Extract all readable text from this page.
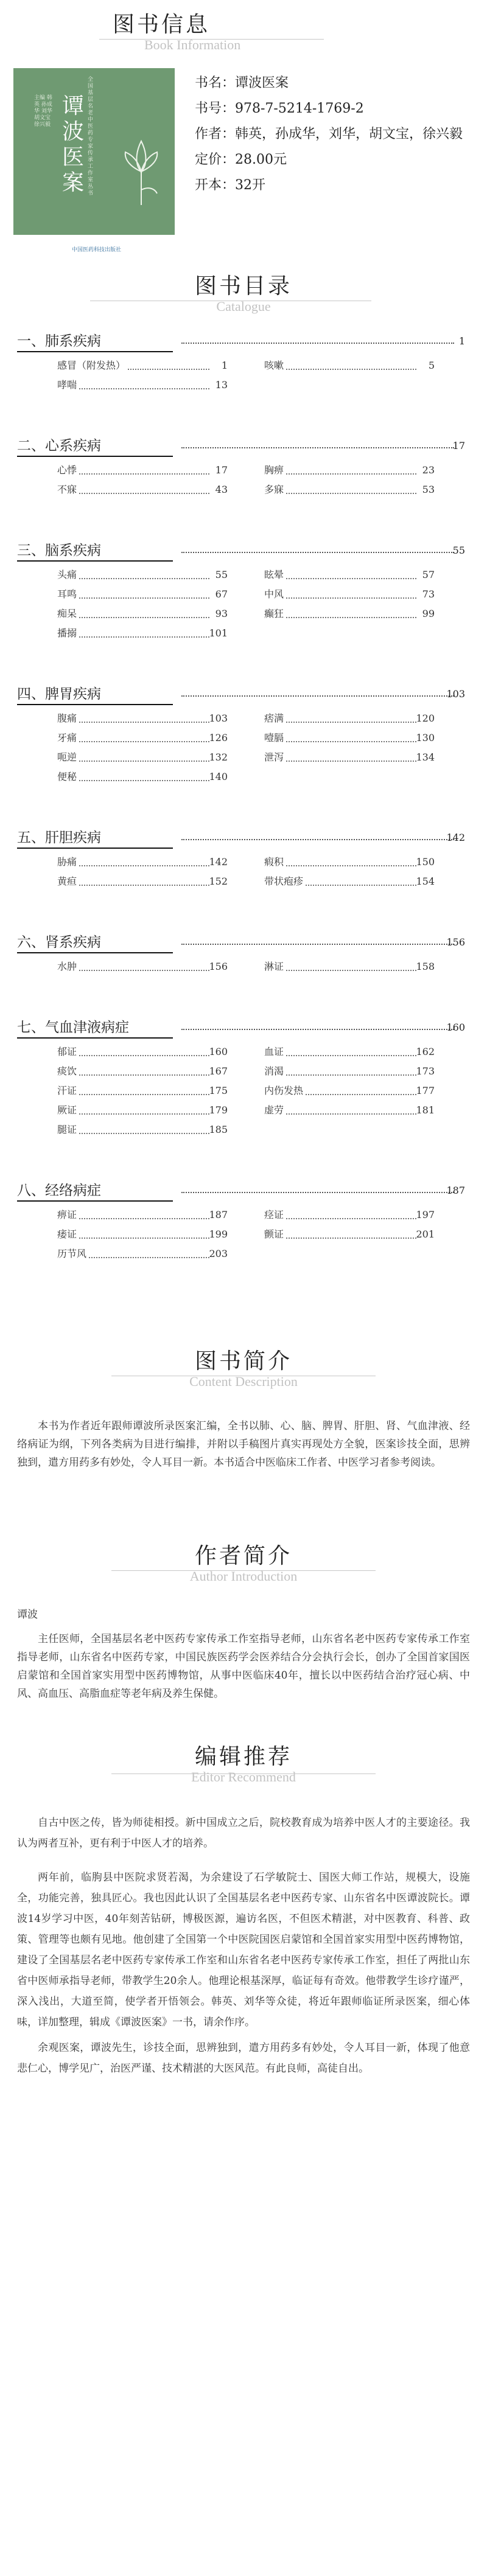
图书信息
Book Information
全国基层名老中医药专家传承工作室丛书
谭波医案
主编 韩英 孙成华 刘华 胡文宝 徐兴毅
中国医药科技出版社
书名：谭波医案
书号：978-7-5214-1769-2
作者：韩英，孙成华，刘华，胡文宝，徐兴毅
定价：28.00元
开本：32开
图书目录
Catalogue
一、肺系疾病	1
感冒（附发热）	1	咳嗽	5
哮喘	13
二、心系疾病	17
心悸	17	胸痹	23
不寐	43	多寐	53
三、脑系疾病	55
头痛	55	眩晕	57
耳鸣	67	中风	73
痴呆	93	癫狂	99
播搦	101
四、脾胃疾病	103
腹痛	103	痞满	120
牙痛	126	噎膈	130
呃逆	132	泄泻	134
便秘	140
五、肝胆疾病	142
胁痛	142	瘕积	150
黄疸	152	带状疱疹	154
六、肾系疾病	156
水肿	156	淋证	158
七、气血津液病症	160
郁证	160	血证	162
痰饮	167	消渴	173
汗证	175	内伤发热	177
厥证	179	虚劳	181
腿证	185
八、经络病症	187
痹证	187	痉证	197
痿证	199	颤证	201
历节风	203
图书简介
Content Description

本书为作者近年跟师谭波所录医案汇编，全书以肺、心、脑、脾胃、肝胆、肾、气血津液、经络病证为纲，下列各类病为目进行编排，并附以手稿图片真实再现处方全貌，医案诊技全面，思辨独到，遣方用药多有妙处，令人耳目一新。本书适合中医临床工作者、中医学习者参考阅读。

作者简介
Author Introduction
谭波

主任医师，全国基层名老中医药专家传承工作室指导老师，山东省名老中医药专家传承工作室指导老师，山东省名中医药专家，中国民族医药学会医养结合分会执行会长，创办了全国首家国医启蒙馆和全国首家实用型中医药博物馆，从事中医临床40年，擅长以中医药结合治疗冠心病、中风、高血压、高脂血症等老年病及养生保健。

编辑推荐
Editor Recommend

自古中医之传，皆为师徒相授。新中国成立之后，院校教育成为培养中医人才的主要途径。我认为两者互补，更有利于中医人才的培养。

两年前，临朐县中医院求贤若渴，为余建设了石学敏院士、国医大师工作站，规模大，设施全，功能完善，独具匠心。我也因此认识了全国基层名老中医药专家、山东省名中医谭波院长。谭波14岁学习中医，40年刻苦钻研，博极医源，遍访名医，不但医术精湛，对中医教育、科普、政策、管理等也颇有见地。他创建了全国第一个中医院国医启蒙馆和全国首家实用型中医药博物馆，建设了全国基层名老中医药专家传承工作室和山东省名老中医药专家传承工作室，担任了两批山东省中医师承指导老师，带教学生20余人。他理论根基深厚，临证每有奇效。他带教学生诊疗谨严，深入浅出，大道至简，使学者开悟领会。韩英、刘华等众徒，将近年跟师临证所录医案，细心体味，详加整理，辑成《谭波医案》一书，请余作序。

余观医案，谭波先生，诊技全面，思辨独到，遣方用药多有妙处，令人耳目一新，体现了他意悲仁心，博学见广，治医严谨、技术精湛的大医风范。有此良师，高徒自出。
